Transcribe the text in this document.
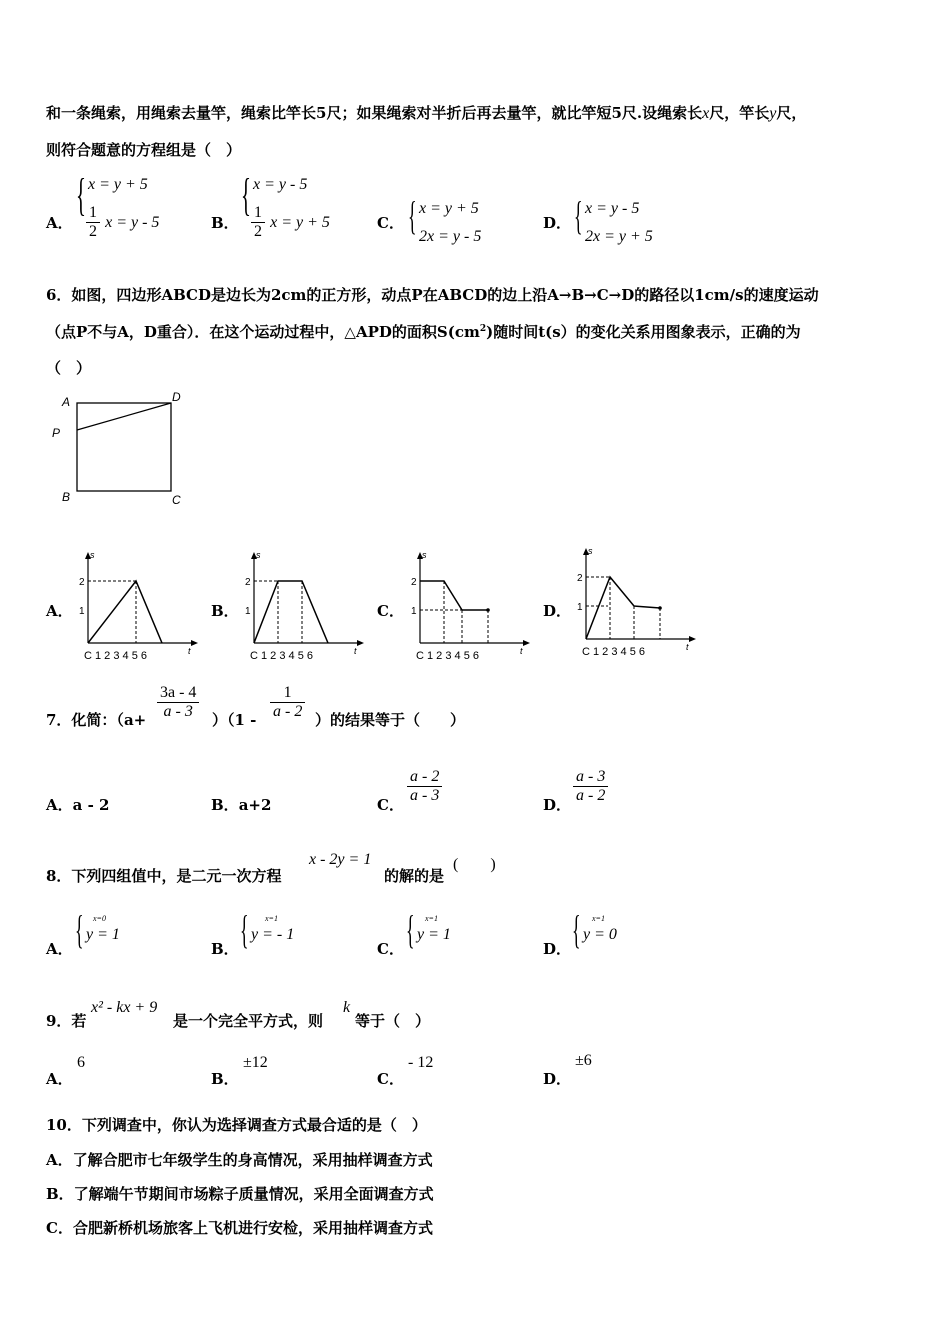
和一条绳索，用绳索去量竿，绳索比竿长5尺；如果绳索对半折后再去量竿，就比竿短5尺.设绳索长x尺，竿长y尺，
则符合题意的方程组是（　）
A．
{ x = y + 5
$\frac{1}{2}$ x = y - 5	B．
{ x = y - 5
$\frac{1}{2}$ x = y + 5	C． { x = y + 5
2x = y - 5
D． { x = y - 5
2x = y + 5
6．如图，四边形ABCD是边长为2cm的正方形，动点P在ABCD的边上沿A→B→C→D的路径以1cm/s的速度运动
（点P不与A，D重合）．在这个运动过程中，△APD的面积$S(cm^2)$随时间t(s）的变化关系用图象表示，正确的为
（　）
A	D
P
B	C
A．	B．	C．	D．
s
t
2
1
C 1 2 3 4 5 6
s
t
2
1
C 1 2 3 4 5 6
s
t
2
1
C 1 2 3 4 5 6
s
t
2
1
C 1 2 3 4 5 6
7．化简：$(a+ \frac{3a - 4}{a - 3} )(1 - \frac{1}{a - 2}$ ）的结果等于（　　）
A．a - 2	B．a+2	C． $\frac{a - 2}{a - 3}$	D． $\frac{a - 3}{a - 2}$
8．下列四组值中，是二元一次方程
x - 2y = 1
的解的是
(　　)
A． { x=0
y = 1
B． { x=1
y = - 1
C． { x=1
y = 1
D． { x=1
y = 0
9．若
x² - kx + 9
是一个完全平方式，则
k
等于（　）
A．
6
B．
±12
C．
- 12
D．
±6
10．下列调查中，你认为选择调查方式最合适的是（　）
A．了解合肥市七年级学生的身高情况，采用抽样调查方式
B．了解端午节期间市场粽子质量情况，采用全面调查方式
C．合肥新桥机场旅客上飞机进行安检，采用抽样调查方式
